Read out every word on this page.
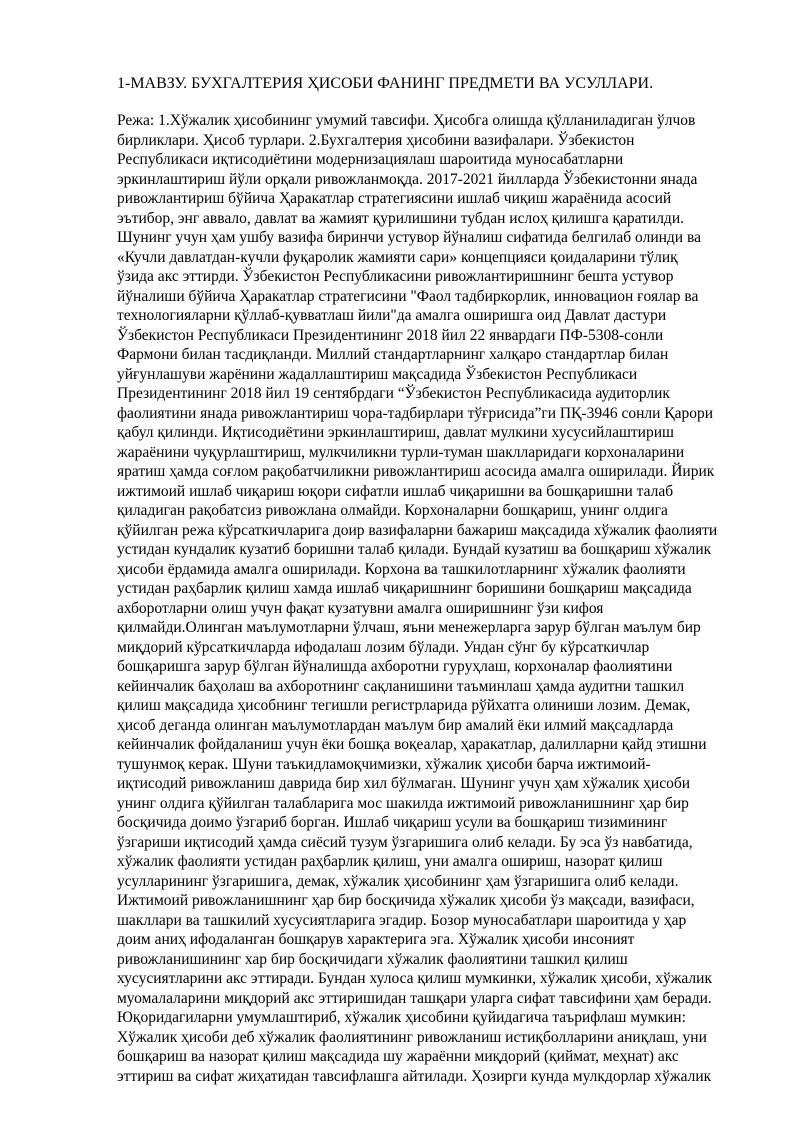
1-МАВЗУ. БУХГАЛТЕРИЯ ҲИСОБИ ФАНИНГ ПРЕДМЕТИ ВА УСУЛЛАРИ.
Режа: 1.Хўжалик ҳисобининг умумий тавсифи. Ҳисобга олишда қўлланиладиган ўлчов
бирликлари. Ҳисоб турлари. 2.Бухгалтерия ҳисобини вазифалари. Ўзбекистон
Республикаси иқтисодиётини модернизациялаш шароитида муносабатларни
эркинлаштириш йўли орқали ривожланмоқда. 2017-2021 йилларда Ўзбекистонни янада
ривожлантириш бўйича Ҳаракатлар стратегиясини ишлаб чиқиш жараёнида асосий
эътибор, энг аввало, давлат ва жамият қурилишини тубдан ислоҳ қилишга қаратилди.
Шунинг учун ҳам ушбу вазифа биринчи устувор йўналиш сифатида белгилаб олинди ва
«Кучли давлатдан-кучли фуқаролик жамияти сари» концепцияси қоидаларини тўлиқ
ўзида акс эттирди. Ўзбекистон Республикасини ривожлантиришнинг бешта устувор
йўналиши бўйича Ҳаракатлар стратегисини "Фаол тадбиркорлик, инновацион ғоялар ва
технологияларни қўллаб-қувватлаш йили"да амалга оширишга оид Давлат дастури
Ўзбекистон Республикаси Президентининг 2018 йил 22 январдаги ПФ-5308-сонли
Фармони билан тасдиқланди. Миллий стандартларнинг халқаро стандартлар билан
уйғунлашуви жарёнини жадаллаштириш мақсадида Ўзбекистон Республикаси
Президентининг 2018 йил 19 сентябрдаги “Ўзбекистон Республикасида аудиторлик
фаолиятини янада ривожлантириш чора-тадбирлари тўғрисида”ги ПҚ-3946 сонли Қарори
қабул қилинди. Иқтисодиётини эркинлаштириш, давлат мулкини хусусийлаштириш
жараёнини чуқурлаштириш, мулкчиликни турли-туман шаклларидаги корхоналарини
яратиш ҳамда соғлом рақобатчиликни ривожлантириш асосида амалга оширилади. Йирик
ижтимоий ишлаб чиқариш юқори сифатли ишлаб чиқаришни ва бошқаришни талаб
қиладиган рақобатсиз ривожлана олмайди. Корхоналарни бошқариш, унинг олдига
қўйилган режа кўрсаткичларига доир вазифаларни бажариш мақсадида хўжалик фаолияти
устидан кундалик кузатиб боришни талаб қилади. Бундай кузатиш ва бошқариш хўжалик
ҳисоби ёрдамида амалга оширилади. Корхона ва ташкилотларнинг хўжалик фаолияти
устидан раҳбарлик қилиш хамда ишлаб чиқаришнинг боришини бошқариш мақсадида
ахборотларни олиш учун фақат кузатувни амалга оширишнинг ўзи кифоя
қилмайди.Олинган маълумотларни ўлчаш, яъни менежерларга зарур бўлган маълум бир
миқдорий кўрсаткичларда ифодалаш лозим бўлади. Ундан сўнг бу кўрсаткичлар
бошқаришга зарур бўлган йўналишда ахборотни гуруҳлаш, корхоналар фаолиятини
кейинчалик баҳолаш ва ахборотнинг сақланишини таъминлаш ҳамда аудитни ташкил
қилиш мақсадида ҳисобнинг тегишли регистрларида рўйхатга олиниши лозим. Демак,
ҳисоб деганда олинган маълумотлардан маълум бир амалий ёки илмий мақсадларда
кейинчалик фойдаланиш учун ёки бошқа воқеалар, ҳаракатлар, далилларни қайд этишни
тушунмоқ керак. Шуни таъкидламоқчимизки, хўжалик ҳисоби барча ижтимоий-
иқтисодий ривожланиш даврида бир хил бўлмаган. Шунинг учун ҳам хўжалик ҳисоби
унинг олдига қўйилган талабларига мос шакилда ижтимоий ривожланишнинг ҳар бир
босқичида доимо ўзгариб борган. Ишлаб чиқариш усули ва бошқариш тизимининг
ўзгариши иқтисодий ҳамда сиёсий тузум ўзгаришига олиб келади. Бу эса ўз навбатида,
хўжалик фаолияти устидан раҳбарлик қилиш, уни амалга ошириш, назорат қилиш
усулларининг ўзгаришига, демак, хўжалик ҳисобининг ҳам ўзгаришига олиб келади.
Ижтимоий ривожланишнинг ҳар бир босқичида хўжалик ҳисоби ўз мақсади, вазифаси,
шакллари ва ташкилий хусусиятларига эгадир. Бозор муносабатлари шароитида у ҳар
доим аниҳ ифодаланган бошқарув характерига эга. Хўжалик ҳисоби инсоният
ривожланишининг хар бир босқичидаги хўжалик фаолиятини ташкил қилиш
хусусиятларини акс эттиради. Бундан хулоса қилиш мумкинки, хўжалик ҳисоби, хўжалик
муомалаларини миқдорий акс эттиришидан ташқари уларга сифат тавсифини ҳам беради.
Юқоридагиларни умумлаштириб, хўжалик ҳисобини қуйидагича таърифлаш мумкин:
Хўжалик ҳисоби деб хўжалик фаолиятининг ривожланиш истиқболларини аниқлаш, уни
бошқариш ва назорат қилиш мақсадида шу жараённи миқдорий (қиймат, меҳнат) акс
эттириш ва сифат жиҳатидан тавсифлашга айтилади. Ҳозирги кунда мулкдорлар хўжалик
